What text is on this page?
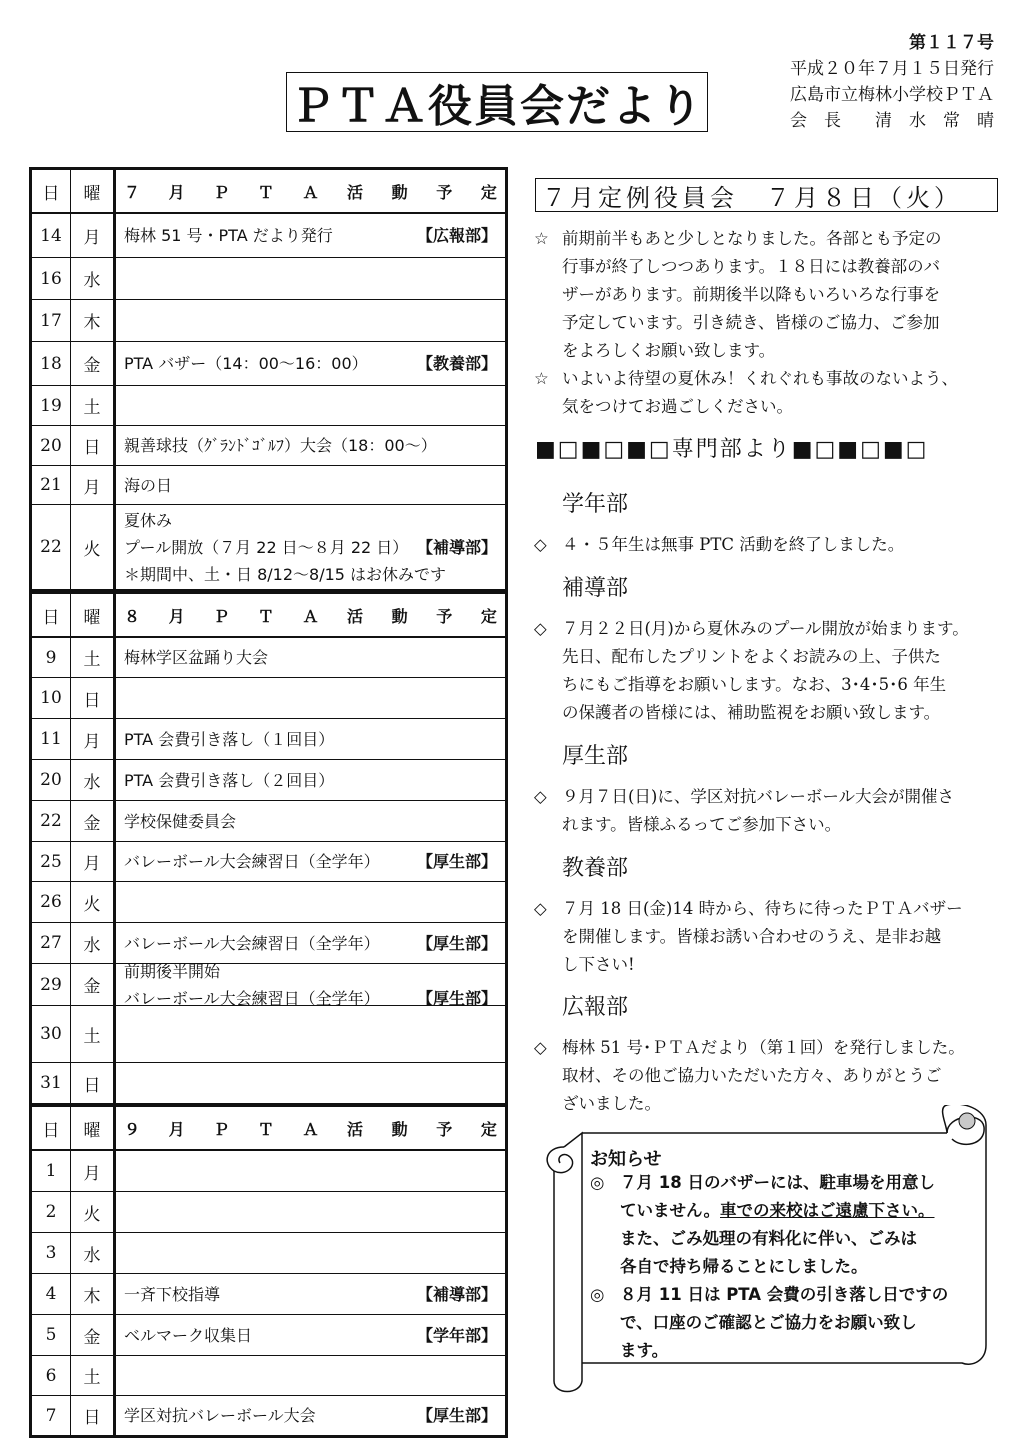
第１１７号
平成２０年７月１５日発行
広島市立梅林小学校ＰＴＡ
会　長　　清　水　常　晴
ＰＴＡ役員会だより
日	曜	７ 月 Ｐ Ｔ Ａ 活 動 予 定
14	月	梅林 51 号・PTA だより発行	【広報部】
16	水
17	木
18	金	PTA バザー（14：00～16：00）	【教養部】
19	土
20	日	親善球技（ｸﾞﾗﾝﾄﾞｺﾞﾙﾌ）大会（18：00～）
21	月	海の日
22	火
夏休み
プール開放（７月 22 日～８月 22 日） 【補導部】
＊期間中、土・日 8/12～8/15 はお休みです
日	曜	８ 月 Ｐ Ｔ Ａ 活 動 予 定
9	土	梅林学区盆踊り大会
10	日
11	月	PTA 会費引き落し（１回目）
20	水	PTA 会費引き落し（２回目）
22	金	学校保健委員会
25	月	バレーボール大会練習日（全学年） 【厚生部】
26	火
27	水	バレーボール大会練習日（全学年） 【厚生部】
29	金
前期後半開始
バレーボール大会練習日（全学年） 【厚生部】
30	土
31	日
日	曜	９ 月 Ｐ Ｔ Ａ 活 動 予 定
1	月
2	火
3	水
4	木	一斉下校指導	【補導部】
5	金	ベルマーク収集日	【学年部】
6	土
7	日	学区対抗バレーボール大会	【厚生部】
７月定例役員会　７月８日（火）
☆ 前期前半もあと少しとなりました。各部とも予定の
行事が終了しつつあります。１８日には教養部のバ
ザーがあります。前期後半以降もいろいろな行事を
予定しています。引き続き、皆様のご協力、ご参加
をよろしくお願い致します。
☆ いよいよ待望の夏休み！くれぐれも事故のないよう、
気をつけてお過ごしください。
■□■□■□専門部より■□■□■□
学年部
◇ ４・５年生は無事 PTC 活動を終了しました。
補導部
◇ ７月２２日(月)から夏休みのプール開放が始まります。
先日、配布したプリントをよくお読みの上、子供た
ちにもご指導をお願いします。なお、3･4･5･6 年生
の保護者の皆様には、補助監視をお願い致します。
厚生部
◇ ９月７日(日)に、学区対抗バレーボール大会が開催さ
れます。皆様ふるってご参加下さい。
教養部
◇ ７月 18 日(金)14 時から、待ちに待ったＰＴＡバザー
を開催します。皆様お誘い合わせのうえ、是非お越
し下さい!
広報部
◇ 梅林 51 号･ＰＴＡだより（第１回）を発行しました。
取材、その他ご協力いただいた方々、ありがとうご
ざいました。
お知らせ
◎ ７月 18 日のバザーには、駐車場を用意し
ていません。車での来校はご遠慮下さい。
また、ごみ処理の有料化に伴い、ごみは
各自で持ち帰ることにしました。
◎ ８月 11 日は PTA 会費の引き落し日ですの
で、口座のご確認とご協力をお願い致し
ます。
